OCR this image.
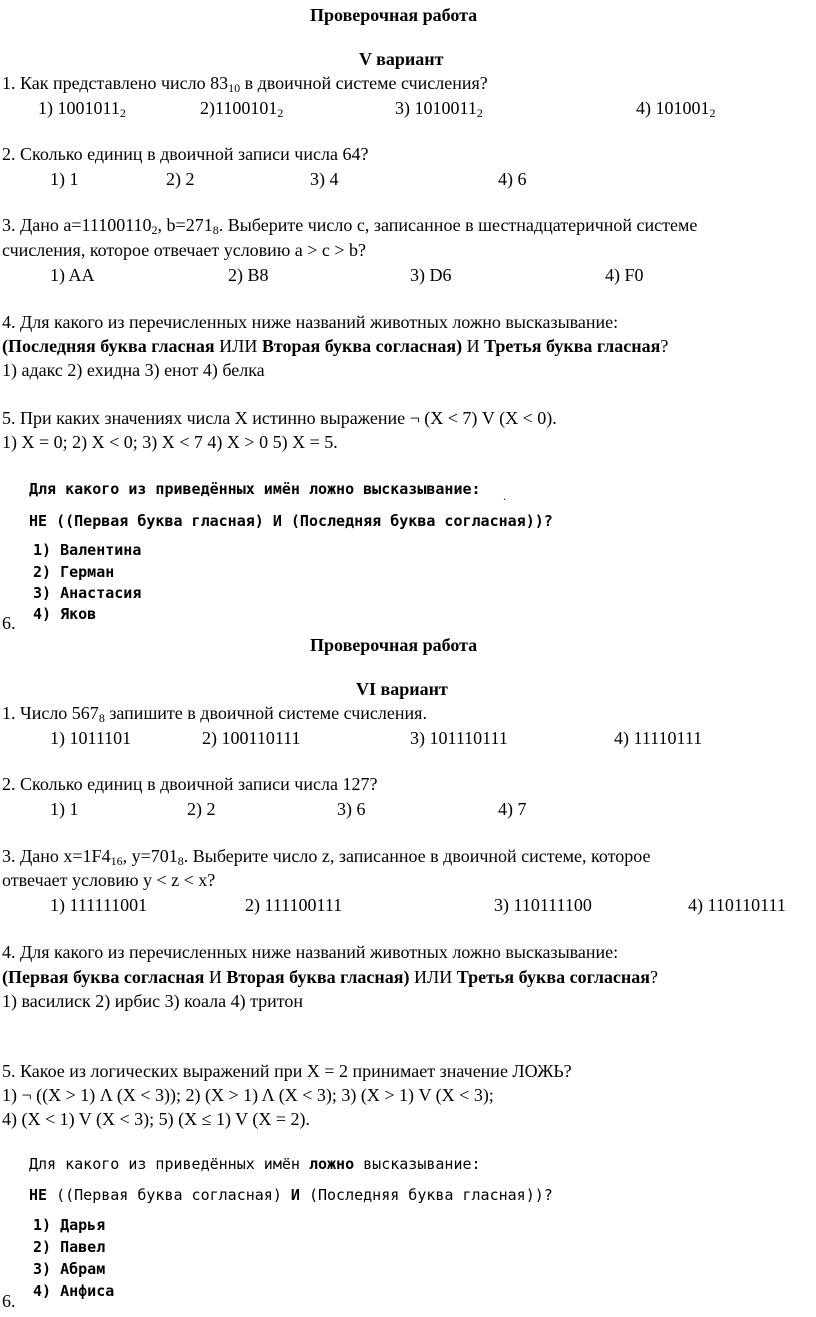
Проверочная работа
V вариант
1. Как представлено число $83_{10}$ в двоичной системе счисления?
1) $1001011_2$	$2)1100101_2$	3) $1010011_2$	4) $101001_2$
2. Сколько единиц в двоичной записи числа 64?
1) 1	2) 2	3) 4	4) 6
3. Дано $a=11100110_2$, $b=271_8$. Выберите число c, записанное в шестнадцатеричной системе
счисления, которое отвечает условию a > c > b?
1) AA	2) B8	3) D6	4) F0
4. Для какого из перечисленных ниже названий животных ложно высказывание:
(Последняя буква гласная ИЛИ Вторая буква согласная) И Третья буква гласная?
1) адакс 2) ехидна 3) енот 4) белка
5. При каких значениях числа X истинно выражение ¬ (X < 7) V (X < 0).
1) X = 0; 2) X < 0; 3) X < 7 4) X > 0 5) X = 5.
Для какого из приведённых имён ложно высказывание: .
НЕ ((Первая буква гласная) И (Последняя буква согласная))?
1) Валентина
2) Герман
3) Анастасия
4) Яков
6.
Проверочная работа
VI вариант
1. Число $567_8$ запишите в двоичной системе счисления.
1) 1011101	2) 100110111	3) 101110111	4) 11110111
2. Сколько единиц в двоичной записи числа 127?
1) 1	2) 2	3) 6	4) 7
3. Дано $x=1F4_{16}$, $y=701_8$. Выберите число z, записанное в двоичной системе, которое
отвечает условию y < z < x?
1) 111111001	2) 111100111	3) 110111100	4) 110110111
4. Для какого из перечисленных ниже названий животных ложно высказывание:
(Первая буква согласная И Вторая буква гласная) ИЛИ Третья буква согласная?
1) василиск 2) ирбис 3) коала 4) тритон
5. Какое из логических выражений при X = 2 принимает значение ЛОЖЬ?
1) ¬ ((X > 1) Λ (X < 3)); 2) (X > 1) Λ (X < 3); 3) (X > 1) V (X < 3);
4) (X < 1) V (X < 3); 5) (X ≤ 1) V (X = 2).
Для какого из приведённых имён ложно высказывание:
НЕ ((Первая буква согласная) И (Последняя буква гласная))?
1) Дарья
2) Павел
3) Абрам
4) Анфиса
6.
